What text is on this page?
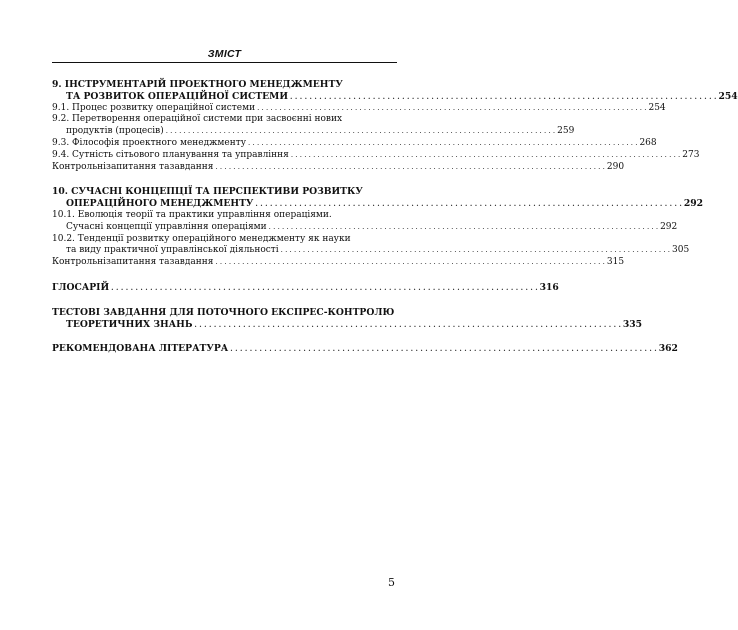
ЗМІСТ
9. ІНСТРУМЕНТАРІЙ ПРОЕКТНОГО МЕНЕДЖМЕНТУ
ТА РОЗВИТОК ОПЕРАЦІЙНОЇ СИСТЕМИ . . .	254
9.1. Процес розвитку операційної системи . . .	254
9.2. Перетворення операційної системи при засвоєнні нових
продуктів (процесів) . . .	259
9.3. Філософія проектного менеджменту . . .	268
9.4. Сутність сітьового планування та управління . . .	273
Контрольнізапитання тазавдання . . .	290
10. СУЧАСНІ КОНЦЕПЦІЇ ТА ПЕРСПЕКТИВИ РОЗВИТКУ
ОПЕРАЦІЙНОГО МЕНЕДЖМЕНТУ . . .	292
10.1. Еволюція теорії та практики управління операціями.
Сучасні концепції управління операціями . . .	292
10.2. Тенденції розвитку операційного менеджменту як науки
та виду практичної управлінської діяльності . . .	305
Контрольнізапитання тазавдання . . .	315
ГЛОСАРІЙ . . .	316
ТЕСТОВІ ЗАВДАННЯ ДЛЯ ПОТОЧНОГО ЕКСПРЕС-КОНТРОЛЮ
ТЕОРЕТИЧНИХ ЗНАНЬ . . .	335
РЕКОМЕНДОВАНА ЛІТЕРАТУРА . . .	362
5
